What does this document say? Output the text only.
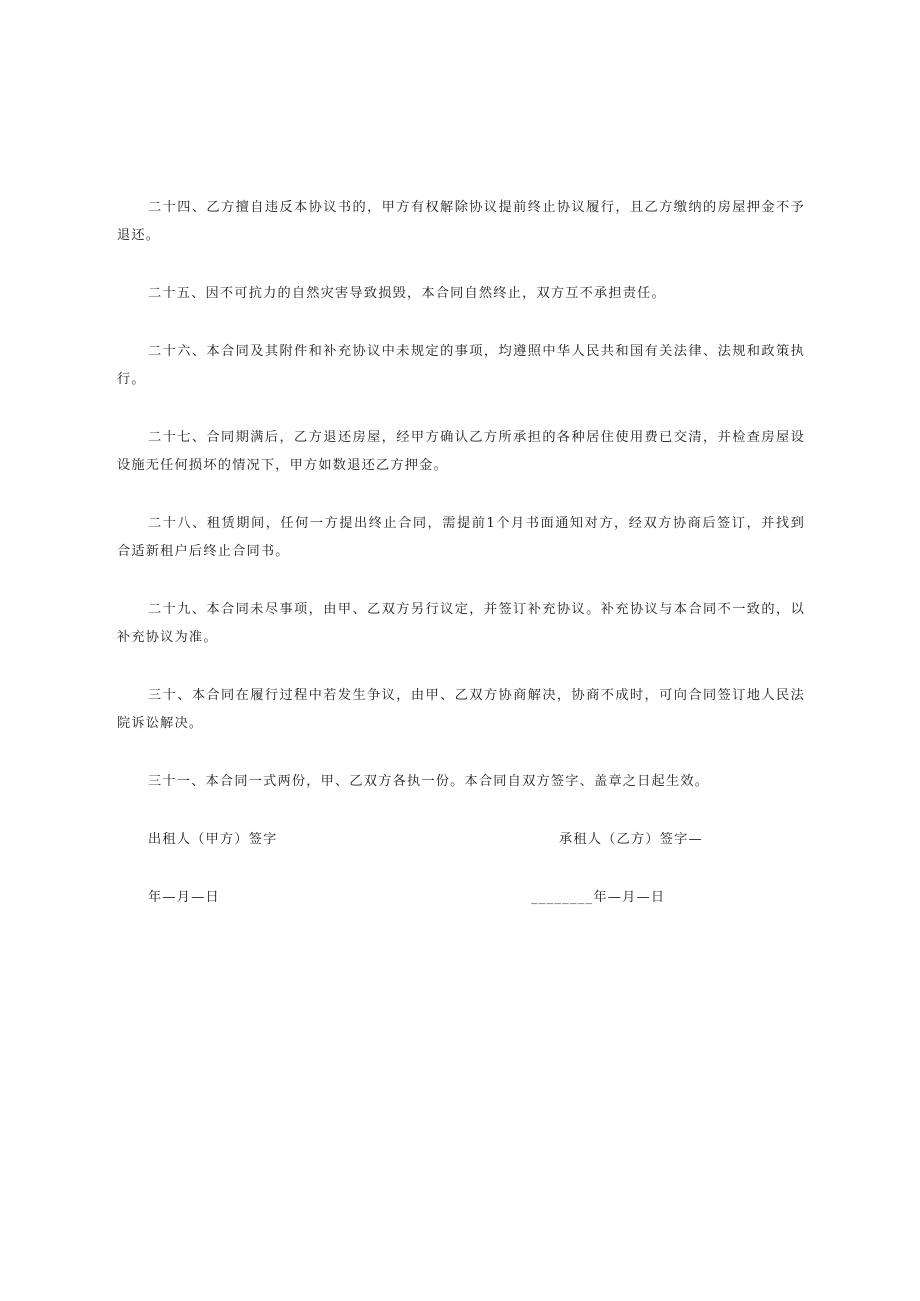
二十四、乙方擅自违反本协议书的，甲方有权解除协议提前终止协议履行，且乙方缴纳的房屋押金不予退还。

二十五、因不可抗力的自然灾害导致损毁，本合同自然终止，双方互不承担责任。

二十六、本合同及其附件和补充协议中未规定的事项，均遵照中华人民共和国有关法律、法规和政策执行。

二十七、合同期满后，乙方退还房屋，经甲方确认乙方所承担的各种居住使用费已交清，并检查房屋设设施无任何损坏的情况下，甲方如数退还乙方押金。

二十八、租赁期间，任何一方提出终止合同，需提前1个月书面通知对方，经双方协商后签订，并找到合适新租户后终止合同书。

二十九、本合同未尽事项，由甲、乙双方另行议定，并签订补充协议。补充协议与本合同不一致的，以补充协议为准。

三十、本合同在履行过程中若发生争议，由甲、乙双方协商解决，协商不成时，可向合同签订地人民法院诉讼解决。

三十一、本合同一式两份，甲、乙双方各执一份。本合同自双方签字、盖章之日起生效。

出租人（甲方）签字	承租人（乙方）签字—
年—月—日	________年—月—日
